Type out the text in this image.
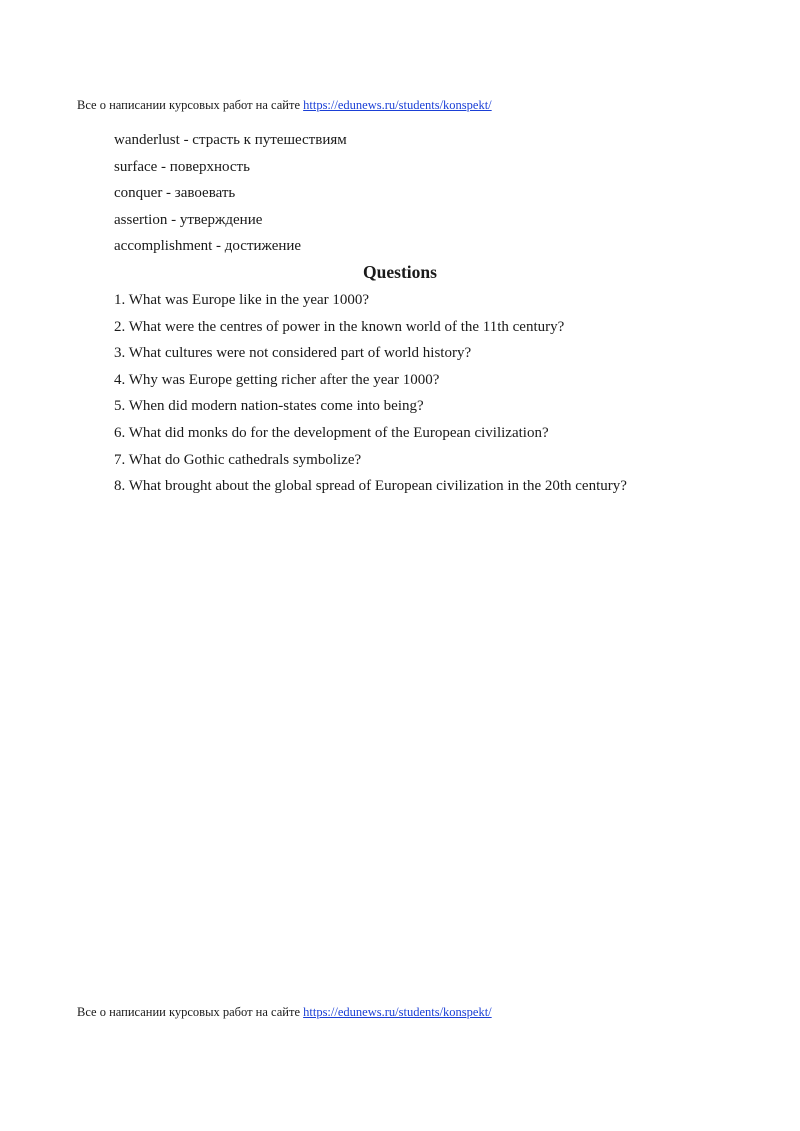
Все о написании курсовых работ на сайте https://edunews.ru/students/konspekt/
wanderlust - страсть к путешествиям
surface - поверхность
conquer - завоевать
assertion - утверждение
accomplishment - достижение
Questions
1. What was Europe like in the year 1000?
2. What were the centres of power in the known world of the 11th century?
3. What cultures were not considered part of world history?
4. Why was Europe getting richer after the year 1000?
5. When did modern nation-states come into being?
6. What did monks do for the development of the European civilization?
7. What do Gothic cathedrals symbolize?
8. What brought about the global spread of European civilization in the 20th century?
Все о написании курсовых работ на сайте https://edunews.ru/students/konspekt/
